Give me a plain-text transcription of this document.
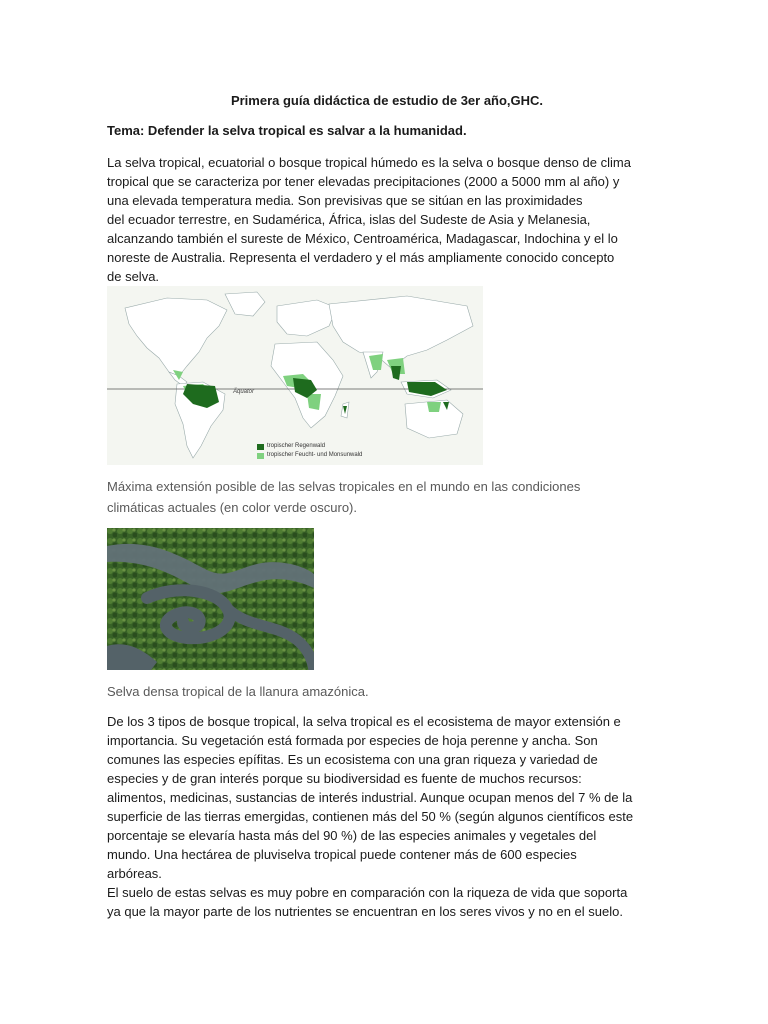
Primera guía didáctica de estudio de 3er año,GHC.
Tema: Defender la selva tropical es salvar a la humanidad.
La selva tropical, ecuatorial o bosque tropical húmedo es la selva o bosque denso de clima
tropical que se caracteriza por tener elevadas precipitaciones (2000 a 5000 mm al año) y
una elevada temperatura media. Son previsivas que se sitúan en las proximidades
del ecuador terrestre, en Sudamérica, África, islas del Sudeste de Asia y Melanesia,
alcanzando también el sureste de México, Centroamérica, Madagascar, Indochina y el lo
noreste de Australia. Representa el verdadero y el más ampliamente conocido concepto
de selva.
Äquator
tropischer Regenwald
tropischer Feucht- und Monsunwald
Máxima extensión posible de las selvas tropicales en el mundo en las condiciones
climáticas actuales (en color verde oscuro).
Selva densa tropical de la llanura amazónica.
De los 3 tipos de bosque tropical, la selva tropical es el ecosistema de mayor extensión e
importancia. Su vegetación está formada por especies de hoja perenne y ancha. Son
comunes las especies epífitas. Es un ecosistema con una gran riqueza y variedad de
especies y de gran interés porque su biodiversidad es fuente de muchos recursos:
alimentos, medicinas, sustancias de interés industrial. Aunque ocupan menos del 7 % de la
superficie de las tierras emergidas, contienen más del 50 % (según algunos científicos este
porcentaje se elevaría hasta más del 90 %) de las especies animales y vegetales del
mundo. Una hectárea de pluviselva tropical puede contener más de 600 especies
arbóreas.
El suelo de estas selvas es muy pobre en comparación con la riqueza de vida que soporta
ya que la mayor parte de los nutrientes se encuentran en los seres vivos y no en el suelo.
